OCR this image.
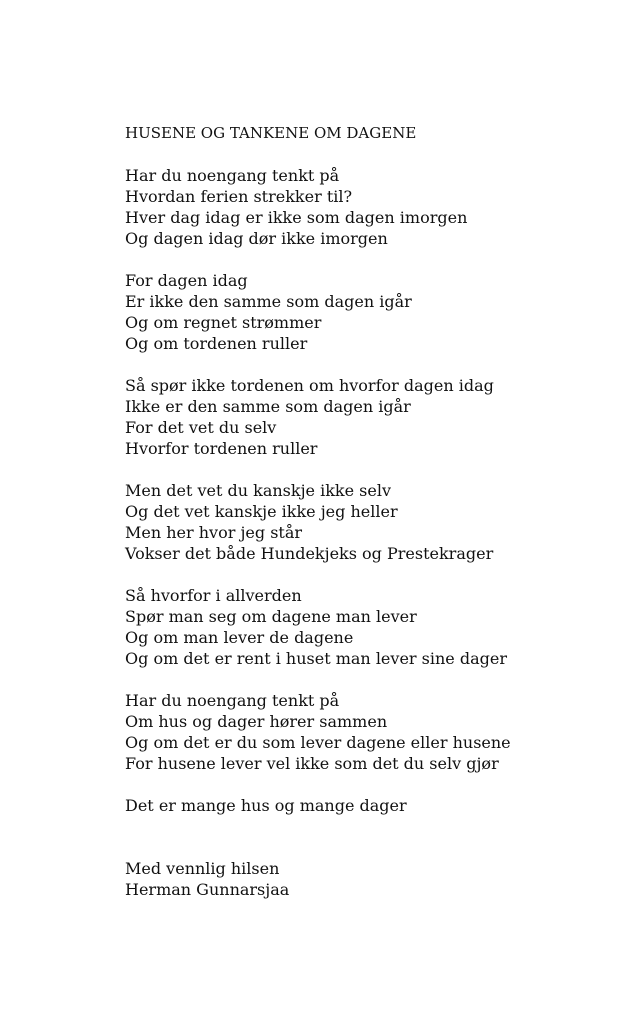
HUSENE OG TANKENE OM DAGENE
Har du noengang tenkt på
Hvordan ferien strekker til?
Hver dag idag er ikke som dagen imorgen
Og dagen idag dør ikke imorgen
For dagen idag
Er ikke den samme som dagen igår
Og om regnet strømmer
Og om tordenen ruller
Så spør ikke tordenen om hvorfor dagen idag
Ikke er den samme som dagen igår
For det vet du selv
Hvorfor tordenen ruller
Men det vet du kanskje ikke selv
Og det vet kanskje ikke jeg heller
Men her hvor jeg står
Vokser det både Hundekjeks og Prestekrager
Så hvorfor i allverden
Spør man seg om dagene man lever
Og om man lever de dagene
Og om det er rent i huset man lever sine dager
Har du noengang tenkt på
Om hus og dager hører sammen
Og om det er du som lever dagene eller husene
For husene lever vel ikke som det du selv gjør
Det er mange hus og mange dager
Med vennlig hilsen
Herman Gunnarsjaa
